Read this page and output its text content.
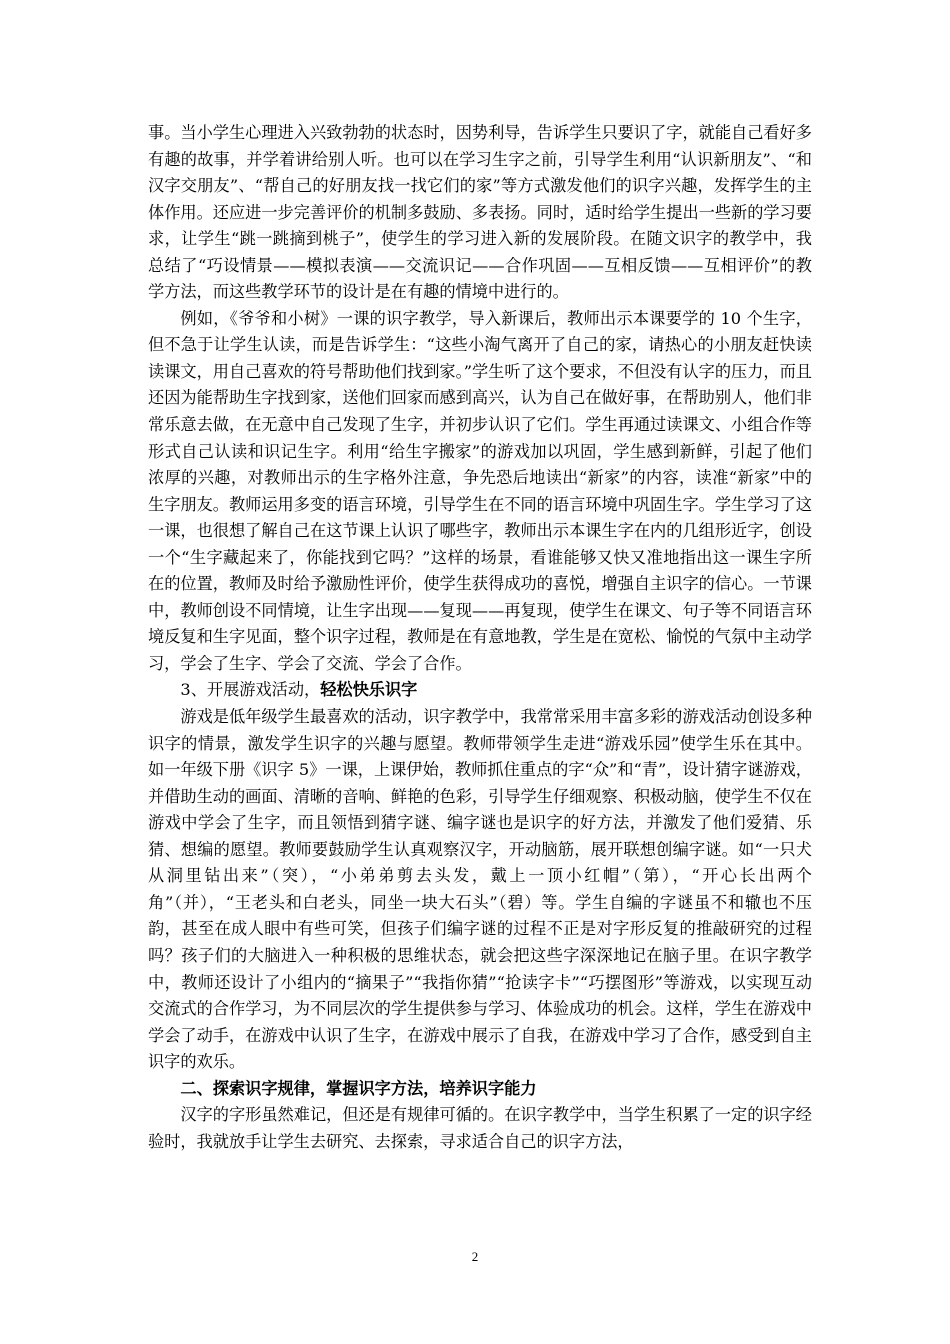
事。当小学生心理进入兴致勃勃的状态时，因势利导，告诉学生只要识了字，就能自己看好多有趣的故事，并学着讲给别人听。也可以在学习生字之前，引导学生利用“认识新朋友”、“和汉字交朋友”、“帮自己的好朋友找一找它们的家”等方式激发他们的识字兴趣，发挥学生的主体作用。还应进一步完善评价的机制多鼓励、多表扬。同时，适时给学生提出一些新的学习要求，让学生“跳一跳摘到桃子”，使学生的学习进入新的发展阶段。在随文识字的教学中，我总结了“巧设情景——模拟表演——交流识记——合作巩固——互相反馈——互相评价”的教学方法，而这些教学环节的设计是在有趣的情境中进行的。

例如，《爷爷和小树》一课的识字教学，导入新课后，教师出示本课要学的 10 个生字，但不急于让学生认读，而是告诉学生：“这些小淘气离开了自己的家，请热心的小朋友赶快读读课文，用自己喜欢的符号帮助他们找到家。”学生听了这个要求，不但没有认字的压力，而且还因为能帮助生字找到家，送他们回家而感到高兴，认为自己在做好事，在帮助别人，他们非常乐意去做，在无意中自己发现了生字，并初步认识了它们。学生再通过读课文、小组合作等形式自己认读和识记生字。利用“给生字搬家”的游戏加以巩固，学生感到新鲜，引起了他们浓厚的兴趣，对教师出示的生字格外注意，争先恐后地读出“新家”的内容，读准“新家”中的生字朋友。教师运用多变的语言环境，引导学生在不同的语言环境中巩固生字。学生学习了这一课，也很想了解自己在这节课上认识了哪些字，教师出示本课生字在内的几组形近字，创设一个“生字藏起来了，你能找到它吗？”这样的场景，看谁能够又快又准地指出这一课生字所在的位置，教师及时给予激励性评价，使学生获得成功的喜悦，增强自主识字的信心。一节课中，教师创设不同情境，让生字出现——复现——再复现，使学生在课文、句子等不同语言环境反复和生字见面，整个识字过程，教师是在有意地教，学生是在宽松、愉悦的气氛中主动学习，学会了生字、学会了交流、学会了合作。

3、开展游戏活动，轻松快乐识字

游戏是低年级学生最喜欢的活动，识字教学中，我常常采用丰富多彩的游戏活动创设多种识字的情景，激发学生识字的兴趣与愿望。教师带领学生走进“游戏乐园”使学生乐在其中。如一年级下册《识字 5》一课，上课伊始，教师抓住重点的字“众”和“青”，设计猜字谜游戏，并借助生动的画面、清晰的音响、鲜艳的色彩，引导学生仔细观察、积极动脑，使学生不仅在游戏中学会了生字，而且领悟到猜字谜、编字谜也是识字的好方法，并激发了他们爱猜、乐猜、想编的愿望。教师要鼓励学生认真观察汉字，开动脑筋，展开联想创编字谜。如“一只犬从洞里钻出来”（突），“小弟弟剪去头发，戴上一顶小红帽”（第），“开心长出两个角”（并），“王老头和白老头，同坐一块大石头”（碧）等。学生自编的字谜虽不和辙也不压韵，甚至在成人眼中有些可笑，但孩子们编字谜的过程不正是对字形反复的推敲研究的过程吗？孩子们的大脑进入一种积极的思维状态，就会把这些字深深地记在脑子里。在识字教学中，教师还设计了小组内的“摘果子”“我指你猜”“抢读字卡”“巧摆图形”等游戏，以实现互动交流式的合作学习，为不同层次的学生提供参与学习、体验成功的机会。这样，学生在游戏中学会了动手，在游戏中认识了生字，在游戏中展示了自我，在游戏中学习了合作，感受到自主识字的欢乐。

二、探索识字规律，掌握识字方法，培养识字能力

汉字的字形虽然难记，但还是有规律可循的。在识字教学中，当学生积累了一定的识字经验时，我就放手让学生去研究、去探索，寻求适合自己的识字方法，

2
